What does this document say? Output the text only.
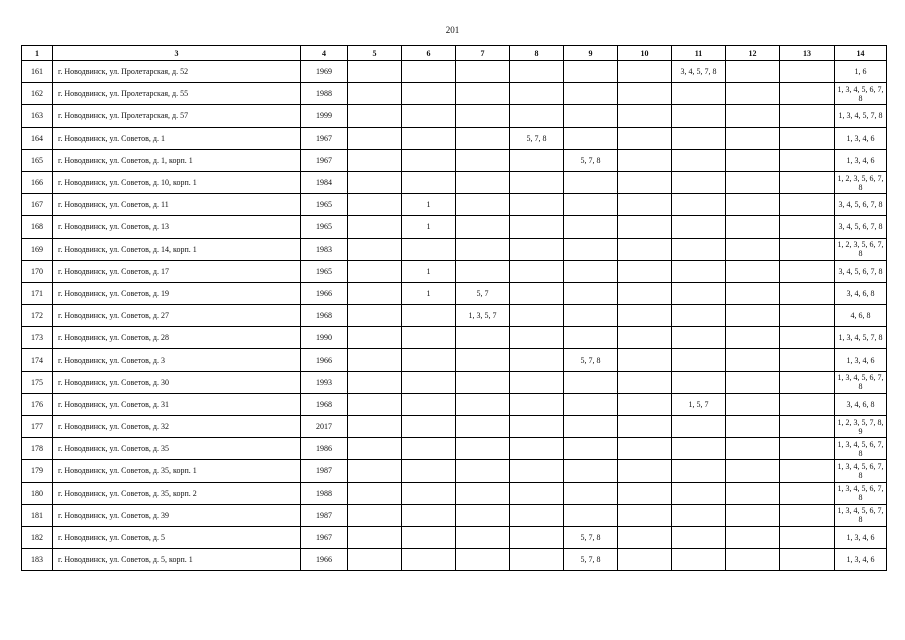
201
1	3	4	5	6	7	8	9	10	11	12	13	14
161	г. Новодвинск, ул. Пролетарская, д. 52	1969							3, 4, 5, 7, 8			1, 6
162	г. Новодвинск, ул. Пролетарская, д. 55	1988										1, 3, 4, 5, 6, 7, 8
163	г. Новодвинск, ул. Пролетарская, д. 57	1999										1, 3, 4, 5, 7, 8
164	г. Новодвинск, ул. Советов, д. 1	1967				5, 7, 8						1, 3, 4, 6
165	г. Новодвинск, ул. Советов, д. 1, корп. 1	1967					5, 7, 8					1, 3, 4, 6
166	г. Новодвинск, ул. Советов, д. 10, корп. 1	1984										1, 2, 3, 5, 6, 7, 8
167	г. Новодвинск, ул. Советов, д. 11	1965		1								3, 4, 5, 6, 7, 8
168	г. Новодвинск, ул. Советов, д. 13	1965		1								3, 4, 5, 6, 7, 8
169	г. Новодвинск, ул. Советов, д. 14, корп. 1	1983										1, 2, 3, 5, 6, 7, 8
170	г. Новодвинск, ул. Советов, д. 17	1965		1								3, 4, 5, 6, 7, 8
171	г. Новодвинск, ул. Советов, д. 19	1966		1	5, 7							3, 4, 6, 8
172	г. Новодвинск, ул. Советов, д. 27	1968			1, 3, 5, 7							4, 6, 8
173	г. Новодвинск, ул. Советов, д. 28	1990										1, 3, 4, 5, 7, 8
174	г. Новодвинск, ул. Советов, д. 3	1966					5, 7, 8					1, 3, 4, 6
175	г. Новодвинск, ул. Советов, д. 30	1993										1, 3, 4, 5, 6, 7, 8
176	г. Новодвинск, ул. Советов, д. 31	1968							1, 5, 7			3, 4, 6, 8
177	г. Новодвинск, ул. Советов, д. 32	2017										1, 2, 3, 5, 7, 8, 9
178	г. Новодвинск, ул. Советов, д. 35	1986										1, 3, 4, 5, 6, 7, 8
179	г. Новодвинск, ул. Советов, д. 35, корп. 1	1987										1, 3, 4, 5, 6, 7, 8
180	г. Новодвинск, ул. Советов, д. 35, корп. 2	1988										1, 3, 4, 5, 6, 7, 8
181	г. Новодвинск, ул. Советов, д. 39	1987										1, 3, 4, 5, 6, 7, 8
182	г. Новодвинск, ул. Советов, д. 5	1967					5, 7, 8					1, 3, 4, 6
183	г. Новодвинск, ул. Советов, д. 5, корп. 1	1966					5, 7, 8					1, 3, 4, 6
